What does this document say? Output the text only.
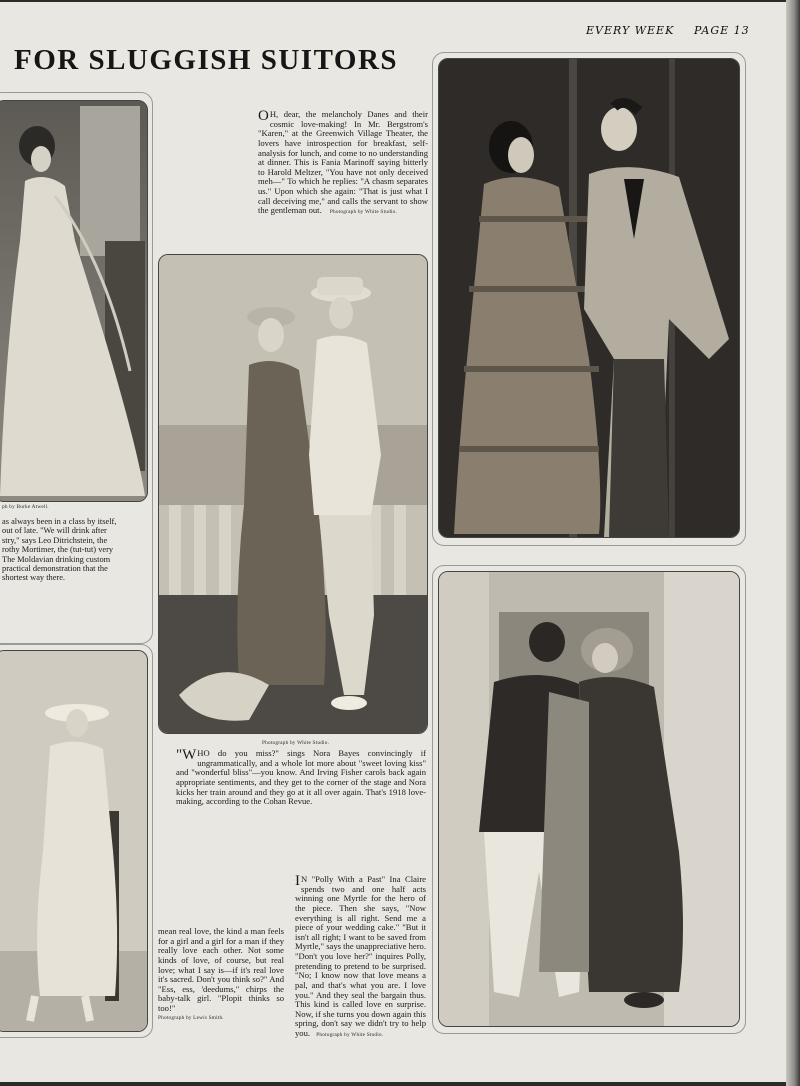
EVERY WEEK PAGE 13
FOR SLUGGISH SUITORS
ph by Burke Atwell.

as always been in a class by itself,

out of late. "We will drink after

stry," says Leo Ditrichstein, the

rothy Mortimer, the (tut-tut) very

The Moldavian drinking custom

practical demonstration that the

shortest way there.

O H, dear, the melancholy Danes and their cosmic love-making! In Mr. Bergstrom's "Karen," at the Greenwich Village Theater, the lovers have introspection for breakfast, self-analysis for lunch, and come to no understanding at dinner. This is Fania Marinoff saying bitterly to Harold Meltzer, "You have not only deceived meh—" To which he replies: "A chasm separates us." Upon which she again: "That is just what I call deceiving me," and calls the servant to show the gentleman out. Photograph by White Studio.
Photograph by White Studio.
"WHO do you miss?" sings Nora Bayes convincingly if ungrammatically, and a whole lot more about "sweet loving kiss" and "wonderful bliss"—you know. And Irving Fisher carols back again appropriate sentiments, and they get to the corner of the stage and Nora kicks her train around and they go at it all over again. That's 1918 love-making, according to the Cohan Revue.
mean real love, the kind a man feels for a girl and a girl for a man if they really love each other. Not some kinds of love, of course, but real love; what I say is—if it's real love it's sacred. Don't you think so?" And "Ess, ess, 'deedums," chirps the baby-talk girl. "Plopit thinks so too!"
Photograph by Lewis Smith.
I N "Polly With a Past" Ina Claire spends two and one half acts winning one Myrtle for the hero of the piece. Then she says, "Now everything is all right. Send me a piece of your wedding cake." "But it isn't all right; I want to be saved from Myrtle," says the unappreciative hero. "Don't you love her?" inquires Polly, pretending to pretend to be surprised. "No; I know now that love means a pal, and that's what you are. I love you." And they seal the bargain thus. This kind is called love en surprise. Now, if she turns you down again this spring, don't say we didn't try to help you. Photograph by White Studio.
